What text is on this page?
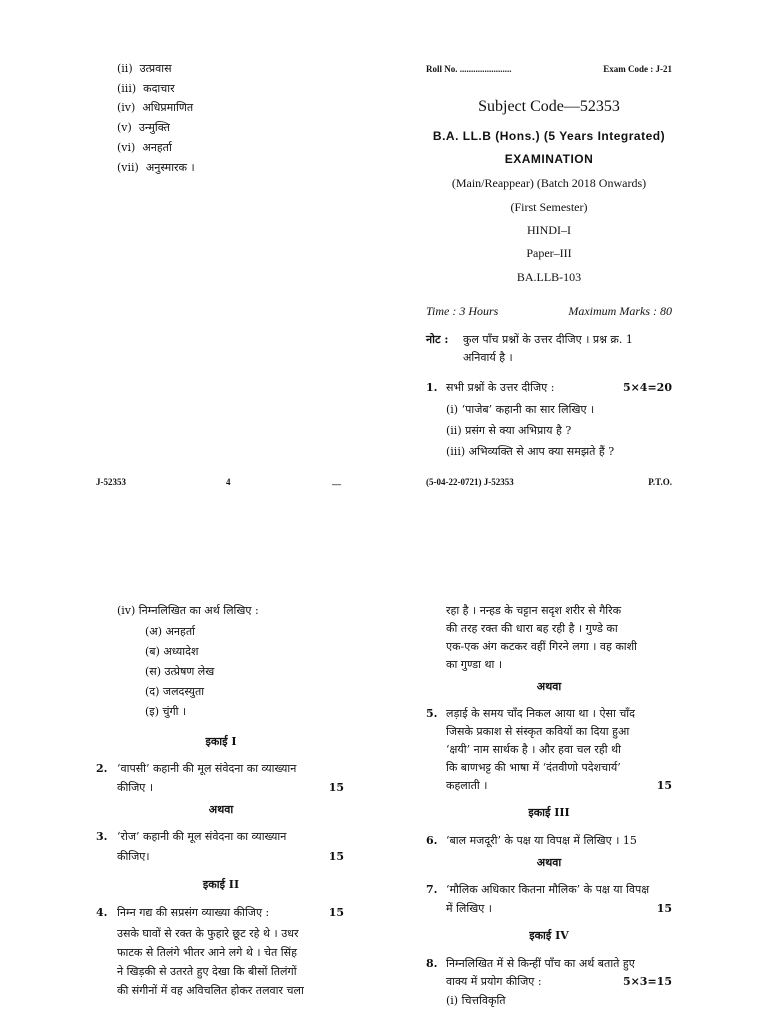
(ii) उत्प्रवास
(iii) कदाचार
(iv) अधिप्रमाणित
(v) उन्मुक्ति
(vi) अनहर्ता
(vii) अनुस्मारक ।
J-52353	4	—
Roll No. .......................	Exam Code : J-21
Subject Code—52353
B.A. LL.B (Hons.) (5 Years Integrated)
EXAMINATION
(Main/Reappear) (Batch 2018 Onwards)
(First Semester)
HINDI–I
Paper–III
BA.LLB-103
Time : 3 Hours	Maximum Marks : 80
नोट : कुल पाँच प्रश्नों के उत्तर दीजिए । प्रश्न क्र. 1
अनिवार्य है ।
1. सभी प्रश्नों के उत्तर दीजिए :	5×4=20
(i) ‘पाजेब’ कहानी का सार लिखिए ।
(ii) प्रसंग से क्या अभिप्राय है ?
(iii) अभिव्यक्ति से आप क्या समझते हैं ?
(5-04-22-0721) J-52353	P.T.O.
(iv) निम्नलिखित का अर्थ लिखिए :
(अ) अनहर्ता
(ब) अध्यादेश
(स) उत्प्रेषण लेख
(द) जलदस्युता
(इ) चुंगी ।
इकाई I
2. ‘वापसी’ कहानी की मूल संवेदना का व्याख्यान
कीजिए ।	15
अथवा
3. ‘रोज’ कहानी की मूल संवेदना का व्याख्यान
कीजिए।	15
इकाई II
4. निम्न गद्य की सप्रसंग व्याख्या कीजिए :	15
उसके घावों से रक्त के फुहारे छूट रहे थे । उधर
फाटक से तिलंगे भीतर आने लगे थे । चेत सिंह
ने खिड़की से उतरते हुए देखा कि बीसों तिलंगों
की संगीनों में वह अविचलित होकर तलवार चला
रहा है । नन्हड के चट्टान सदृश शरीर से गैरिक
की तरह रक्त की धारा बह रही है । गुण्डे का
एक-एक अंग कटकर वहीं गिरने लगा । वह काशी
का गुण्डा था ।
अथवा
5. लड़ाई के समय चाँद निकल आया था । ऐसा चाँद
जिसके प्रकाश से संस्कृत कवियों का दिया हुआ
‘क्षयी’ नाम सार्थक है । और हवा चल रही थी
कि बाणभट्ट की भाषा में ‘दंतवीणो पदेशचार्य’
कहलाती ।	15
इकाई III
6. ‘बाल मजदूरी’ के पक्ष या विपक्ष में लिखिए । 15
अथवा
7. ‘मौलिक अधिकार कितना मौलिक’ के पक्ष या विपक्ष
में लिखिए ।	15
इकाई IV
8. निम्नलिखित में से किन्हीं पाँच का अर्थ बताते हुए
वाक्य में प्रयोग कीजिए :	5×3=15
(i) चित्तविकृति
